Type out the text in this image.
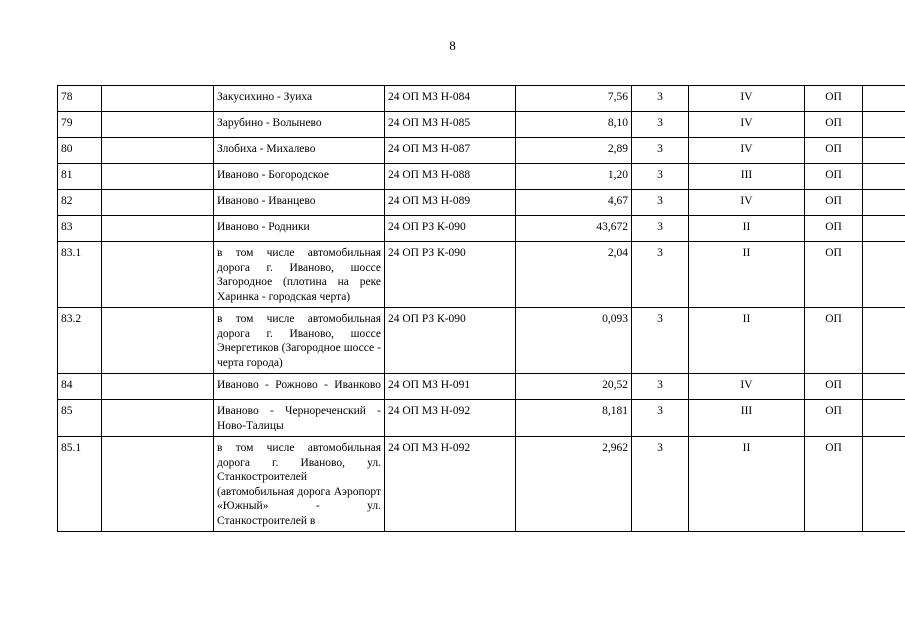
8
78		Закусихино - Зуиха	24 ОП МЗ Н-084	7,56	3	IV	ОП	
79		Зарубино - Волынево	24 ОП МЗ Н-085	8,10	3	IV	ОП	
80		Злобиха - Михалево	24 ОП МЗ Н-087	2,89	3	IV	ОП	
81		Иваново - Богородское	24 ОП МЗ Н-088	1,20	3	III	ОП	
82		Иваново - Иванцево	24 ОП МЗ Н-089	4,67	3	IV	ОП	
83		Иваново - Родники	24 ОП РЗ К-090	43,672	3	II	ОП	
83.1		в том числе автомобильная дорога г. Иваново, шоссе Загородное (плотина на реке Харинка - городская черта)	24 ОП РЗ К-090	2,04	3	II	ОП	
83.2		в том числе автомобильная дорога г. Иваново, шоссе Энергетиков (Загородное шоссе - черта города)	24 ОП РЗ К-090	0,093	3	II	ОП	
84		Иваново - Рожново - Иванково	24 ОП МЗ Н-091	20,52	3	IV	ОП	
85		Иваново - Чернореченский - Ново-Талицы	24 ОП МЗ Н-092	8,181	3	III	ОП	
85.1		в том числе автомобильная дорога г. Иваново, ул. Станкостроителей (автомобильная дорога Аэропорт «Южный» - ул. Станкостроителей в	24 ОП МЗ Н-092	2,962	3	II	ОП	
